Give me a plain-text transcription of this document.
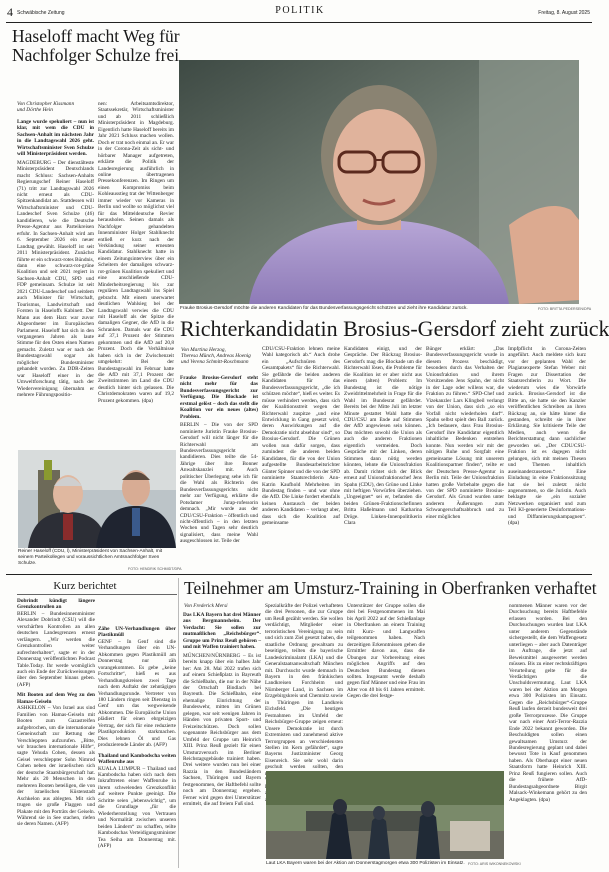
4 Schwäbische Zeitung	POLITIK	Freitag, 8. August 2025
Haseloff macht Weg für
Nachfolger Schulze frei
Von Christopher Kissmann
und Dörthe Hein

Lange wurde spekuliert – nun ist klar, mit wem die CDU in Sachsen-Anhalt im nächsten Jahr in die Landtagswahl 2026 geht. Wirtschaftsminister Sven Schulze will Ministerpräsident werden.

MAGDEBURG – Der dienstälteste Ministerpräsident Deutschlands macht Schluss: Sachsen-Anhalts Regierungschef Reiner Haseloff (71) tritt zur Landtagswahl 2026 nicht erneut als CDU-Spitzenkandidat an. Stattdessen will Wirtschaftsminister und CDU-Landeschef Sven Schulze (46) kandidieren, wie die Deutsche Presse-Agentur aus Parteikreisen erfuhr. In Sachsen-Anhalt wird am 6. September 2026 ein neuer Landtag gewählt. Haseloff ist seit 2011 Ministerpräsident. Zunächst führte er ein schwarz-rotes Bündnis, dann eine schwarz-rot-grüne Koalition und seit 2021 regiert in Sachsen-Anhalt CDU, SPD und FDP gemeinsam. Schulze ist seit 2021 CDU-Landeschef und seitdem auch Minister für Wirtschaft, Tourismus, Landwirtschaft und Forsten in Haseloffs Kabinett. Der Mann aus dem Harz war zuvor Abgeordneter im Europäischen Parlament. Haseloff hat sich in den vergangenen Jahren als laute Stimme für den Osten einen Namen gemacht. Zuletzt war er nach der Bundestagswahl sogar als möglicher Bundesminister gehandelt worden. Zu DDR-Zeiten war Haseloff einer in der Umweltforschung tätig, nach der Wiedervereinigung übernahm er mehrere Führungspositio-

nen: Arbeitsamtsdirektor, Staatssekretär, Wirtschaftsminister und ab 2011 schließlich Ministerpräsident in Magdeburg. Eigentlich hatte Haseloff bereits im Jahr 2021 Schluss machen wollen. Doch er trat noch einmal an. Er war in der Corona-Zeit als sicht- und hörbarer Manager aufgetreten, erklärte die Politik der Landesregierung ausführlich in online übertragenen Pressekonferenzen. Im Ringen um einen Kompromiss beim Kohleausstieg trat der Wittenberger immer wieder vor Kameras in Berlin und wollte so möglichst viel für das Mitteldeutsche Revier herausholen. Seinen damals als Nachfolger gehandelten Innenminister Holger Stahlknecht entließ er kurz nach der Verkündung seiner erneuten Kandidatur. Stahlknecht hatte in einem Zeitungsinterview über ein Scheitern der damaligen schwarz-rot-grünen Koalition spekuliert und eine anschließende CDU-Minderheitsregierung bis zur regulären Landtagswahl ins Spiel gebracht. Mit einem unerwartet deutlichen Wahlsieg bei der Landtagswahl verwies die CDU mit Haseloff als der Spitze die damaligen Gegner, die AfD in die Schranken. Damals war die CDU auf 37,1 Prozent der Stimmen gekommen und die AfD auf 20,8 Prozent. Doch die Verhältnisse haben sich in der Zwischenzeit umgekehrt: Bei der Bundestagswahl im Februar hatte die AfD mit 37,1 Prozent der Zweitstimmen im Land die CDU deutlich hinter sich gelassen. Die Christdemokraten waren auf 19,2 Prozent gekommen. (dpa)

Frauke Brosius-Gersdorf möchte die anderen Kandidaten für das Bundesverfassungsgericht schützen und zieht ihre Kandidatur zurück.	FOTO: BRITTA PEDERSEN/DPA
Richterkandidatin Brosius-Gersdorf zieht zurück
Von Martina Herzog,
Theresa Münch, Andreas Hoenig
und Verena Schmitt-Roschmann

Frauke Brosius-Gersdorf steht nicht mehr für das Bundesverfassungsgericht zur Verfügung. Die Blockade ist erstmal gelöst – doch das stellt die Koalition vor ein neues (altes) Problem.

BERLIN – Die von der SPD nominierte Juristin Frauke Brosius-Gersdorf will nicht länger für die Richterwahl am Bundesverfassungsgericht kandidieren. Dies teilte die 54-Jährige über ihre Bonner Anwaltskanzlei mit. Auch politischer Überlegung sehe ich für die Wahl als Richterin des Bundesverfassungsgerichts nicht mehr zur Verfügung, erklärte die Potsdamer Jurap-rofessorin demnach. „Mir wurde aus der CDU/CSU-Fraktion – öffentlich und nicht-öffentlich – in den letzten Wochen und Tagen sehr deutlich signalisiert, dass meine Wahl ausgeschlossen ist. Teile der

CDU/CSU-Fraktion lehnen meine Wahl kategorisch ab.“ Auch drohe ein „Aufschnüren des Gesamtpakets“ für die Richterwahl. Sie gefährde die beiden anderen Kandidaten für das Bundesverfassungsgericht, „die ich schützen möchte“, hieß es weiter. Es müsse verhindert werden, dass sich der Koalitionsstreit wegen der Richterwahl zuspitze „und eine Entwicklung in Gang gesetzt wird, deren Auswirkungen auf die Demokratie nicht absehbar sind“, so Brosius-Gersdorf. Die Grünen wollen nun dafür sorgen, dass zumindest die anderen beiden Kandidaten, für die von der Union aufgestellte Bundesarbeitsrichter Günter Spinner und die von der SPD nominierte Staatsrechtlerin Ann-Katrin Kaufhold Mehrheiten im Bundestag finden – und war ohne die AfD. Die Linke fordert ebenfalls keinen Austausch der beiden anderen Kandidaten – verlangt aber, dass sich die Koalition auf gemeinsame

Kandidaten einigt, und der Gespräche. Der Rückzug Brosius-Gersdorfs mag die Blockade um die Richterwahl lösen, die Probleme für die Koalition ist er aber nicht aus einem (alten) Problem: Im Bundestag ist die nötige Zweidrittelmehrheit in Frage für die Wahl im Bundesrat gefährdet. Bereits bei der Mitte Juli im letzter Minute gestattet Wahl hatte die CDU/CSU am Ende auf Stimmen der AfD angewiesen sein können. Das möchten sowohl die Union als auch die anderen Fraktionen eigentlich vermeiden. Doch Gespräche mit der Linken, deren Stimmen dann nötig werden könnten, lehnte die Unionsfraktion ab. Damit richtet sich der Blick erneut auf Unionsfraktionschef Jens Spahn (CDU), den Grüne und Linke mit heftigen Vorwürfen überziehen. „Ungeeignet“ sei er, befanden die beiden Grünen-Fraktionschefinnen Britta Haßelmann und Katharina Dröge. Linken-Innenpolitikerin Clara

Bünger erklärt: „Das Bundesverfassungsgericht wurde in diesem Prozess beschädigt, besonders durch das Verhalten der Unionsfraktion und ihrem Vorsitzenden Jens Spahn, der nicht in der Lage oder willens war, die Fraktion zu führen.“ SPD-Chef und Vizekanzler Lars Klingbeil verlangt von der Union, dass sich „so ein Vorfall nicht wiederholen darf“. Spahn selbst spielt den Ball zurück. „Ich bedauere, dass Frau Brosius-Gersdorf ihre Kandidatur eigentlich inhaltliche Bedenken entstehen konnte. Nun werden wir mit der nötigen Ruhe und Sorgfalt eine gemeinsame Lösung mit unserem Koalitionspartner finden“, teilte er der Deutschen Presse-Agentur in Berlin mit. Teile der Unionsfraktion hatten große Vorbehalte gegen die von der SPD nominierte Brosius-Gersdorf. Als Grund wurden unter anderem Äußerungen zum Schwangerschaftsabbruch und zu einer möglichen

Impfpflicht in Corona-Zeiten angeführt. Auch meldete sich kurz vor der geplanten Wahl der Plagiatsexperte Stefan Weber mit Fragen zur Dissertation der Staatsrechtlerin zu Wort. Die wiederum wies die Vorwürfe zurück. Brosius-Gersdorf ist die Bitte an, sie hatte sie den Kanzler veröffentlichen Schreiben an ihren Rückzug an, sie hätte hinter die gestanden, schreibt sie in ihrer Erklärung. Sie kritisierte Teile der Medien, auch wenn die Berichterstattung dann sachlicher geworden sei. „Der CDU/CSU-Fraktion ist es dagegen nicht gelungen, sich mit meinen Thesen und Themen inhaltlich auseinanderzusetzen.“ Eine Einladung in eine Fraktionssitzung hat sie bei zuletzt nicht angenommen, so die Juristin. Auch beklagte sie „ein sozialer Netzwerken organisiert und zum Teil KI-generierte Desinformations- und Diffamierungskampagnen“. (dpa)

Reiner Haseloff (CDU, l), Ministerpräsident von Sachsen-Anhalt, mit seinem Parteikollegen und voraussichtlichen Amtsnachfolger Sven Schulze.
FOTO: HENDRIK SCHMIDT/DPA
Kurz berichtet

Dobrindt kündigt längere Grenzkontrollen an

BERLIN – Bundesinnenminister Alexander Dobrindt (CSU) will die verschärften Kontrollen an allen deutschen Landesgrenzen erneut verlängern. „Wir werden die Grenzkontrollen weiter aufrechterhalten“, sagte er in der Donnerstag veröffentlichten Podcast Table.Today. Ihr werde womöglich auch ein Ende der Zurückweisungen über den September hinaus geben. (AFP)

Mit Booten auf dem Weg zu den Hamas-Geiseln

ASHKELON – Von Israel aus sind Familien von Hamas-Geiseln mit Booten zum Gazastreifen aufgebrochen, um die internationale Gemeinschaft zur Rettung der Verschleppten aufzurufen. „Bitte, wir brauchen internationale Hilfe“, sagte Yehuda Cohen, dessen als Geisel verschleppter Sohn Nimrod Cohen neben der israelischen sich der deutsche Staatsbürgerschaft hat. Mehr als 20 Menschen in den mehreren Booten beteiligen, die von der israelischen Küstenstadt Aschkelon aus ablegten. Mit sich trugen sie große Flaggen und Plakate mit den Porträts der Geiseln. Während sie in See stachen, riefen sie deren Namen. (AFP)

Zähe UN-Verhandlungen über Plastikmüll

GENF – In Genf sind die Verhandlungen über ein UN-Abkommen gegen Plastikmüll am Donnerstag nur zäh vorangekommen. Es gebe „keine Fortschritte“, hieß es aus Verhandlungskreisen zwei Tage nach dem Auftakt der zehntägigen Verhandlungsrunde. Vertreter von 180 Ländern ringen seit Dienstag in Genf um das wegweisende Abkommen. Die Europäische Union plädiert für einen ehrgeizigen Vertrag, der sich für eine reduzierte Plastikproduktion starkmachen. Dies lehnen Öl und Gas produzierende Länder ab. (AFP)

Thailand und Kambodscha weiten Waffenruhe aus

KUALA LUMPUR – Thailand und Kambodscha haben sich nach dem Inkrafttreten einer Waffenruhe in ihrem schwelenden Grenzkonflikt auf weitere Punkte geeinigt. Die Schritte seien „lebenswichtig“, um die Grundlage „für die Wiederherstellung von Vertrauen und Normalität zwischen unseren beiden Ländern“ zu schaffen, teilte Kambodschas Verteidigungsminister Tea Seiha am Donnerstag mit. (AFP)

Teilnehmer am Umsturz-Training in Oberfranken verhaftet
Von Frederick Mersi

Das LKA Bayern hat drei Männer aus Bergmannsheim. Der Verdacht: Sie sollen zur mutmaßlichen „Reichsbürger“-Gruppe um Prinz Reuß gehören – und mit Waffen trainiert haben.

MÜNCHEN/NÜRNBERG – Es ist bereits knapp über ein halbes Jahr her: Am 28. Mai 2022 trafen sich auf einem Schießplatz in Bayreuth die Schießbahn, die nur in der Nähe der Ortschaft Bindlach bei Bayreuth. Die Schießbahn, eine ehemalige Einrichtung der Bundeswehr, mitten im Grünen gelegen, war seit wenigen Jahren in Händen von privaten Sport- und Freizeitschützen. Doch sollen sogenannte Reichsbürger aus dem Umfeld der Gruppe um Heinrich XIII. Prinz Reuß gezielt für einen Umsturzversuch im Berliner Reichstagsgebäude trainiert haben. Drei weitere wurden nun bei einer Razzia in den Bundesländern Sachsen, Thüringen und Bayern festgenommen, der Haftbefehl sollte noch am Donnerstag ergehen. Ferner wird gegen drei Unterstützer ermittelt, die auf freiem Fuß sind.

Spezialkräfte der Polizei verhafteten die drei Personen, die zur Gruppe um Reuß gezählt werden. Sie wollen verdächtigt, Mitglieder einer terroristischen Vereinigung zu sein und sich zum Ziel gesetzt haben, die staatliche Ordnung gewaltsam zu beseitigen, teilten die bayerische Landeskriminalamt (LKA) und die Generalstaatsanwaltschaft München mit. Durchsucht wurde demnach in Bayern in den fränkischen Landkreisen Forchheim und Nürnberger Land, in Sachsen im Erzgebirgskreis und Chemnitz sowie in Thüringen im Landkreis Eichsfeld. „Die heutigen Festnahmen im Umfeld der Reichsbürger-Gruppe zeigen erneut: Unsere Demokratie ist durch Extremisten und zunehmend aktive Terrorgruppen an verschiedensten Stellen im Kern gefährdet“, sagte Bayerns Justizminister Georg Eisenreich. Sie sehr wohl darin geschult werden sollten, den

Unterstützer der Gruppe sollen die drei bei Festgenommenen im Mai bis April 2022 auf der Schießanlage in Oberfranken an einem Training mit Kurz- und Langwaffen teilgenommen haben. Nach derzeitigen Erkenntnissen gehen die Ermittler davon aus, dass die Übungen zur Vorbereitung eines möglichen Angriffs auf den Deutschen Bundestag dienen sollten. Insgesamt werde deshalb gegen fünf Männer und eine Frau im Alter von 40 bis 61 Jahren ermittelt. Gegen die drei festge-

nommenen Männer waren vor der Durchsuchung bereits Haftbefehle erlassen worden. Bei den Durchsuchungen wurden laut LKA unter anderem Gegenstände sichergestellt, die dem Waffengesetz unterliegen – aber auch Datenträger im Auftrage, die jetzt auf Beweismittel ausgewertet werden müssen. Bis zu einer rechtskräftigen Verurteilung gelte für die Verdächtigen die Unschuldsvermutung. Laut LKA waren bei der Aktion am Morgen etwa 300 Polizisten im Einsatz. Gegen die „Reichsbürger“-Gruppe Reuß laufen derzeit bundesweit drei große Terrorprozesse. Die Gruppe war nach einer Anti-Terror-Razzia Ende 2022 bekannt geworden. Die Beschuldigten sollen einen gewaltsamen Umsturz der Bundesregierung geplant und dabei bewusst Tote in Kauf genommen haben. Als Oberhaupt einer neuen Staatsform hatte Heinrich XIII. Prinz Reuß fungieren sollen. Auch die frühere AfD-Bundestagsabgeordnete Birgit Malsack-Winkemann gehört zu den Angeklagten. (dpa)

Laut LKA Bayern waren bei der Aktion am Donnerstagmorgen etwa 300 Polizisten im Einsatz. FOTO: ARIS WIKONNEKOWSKI
